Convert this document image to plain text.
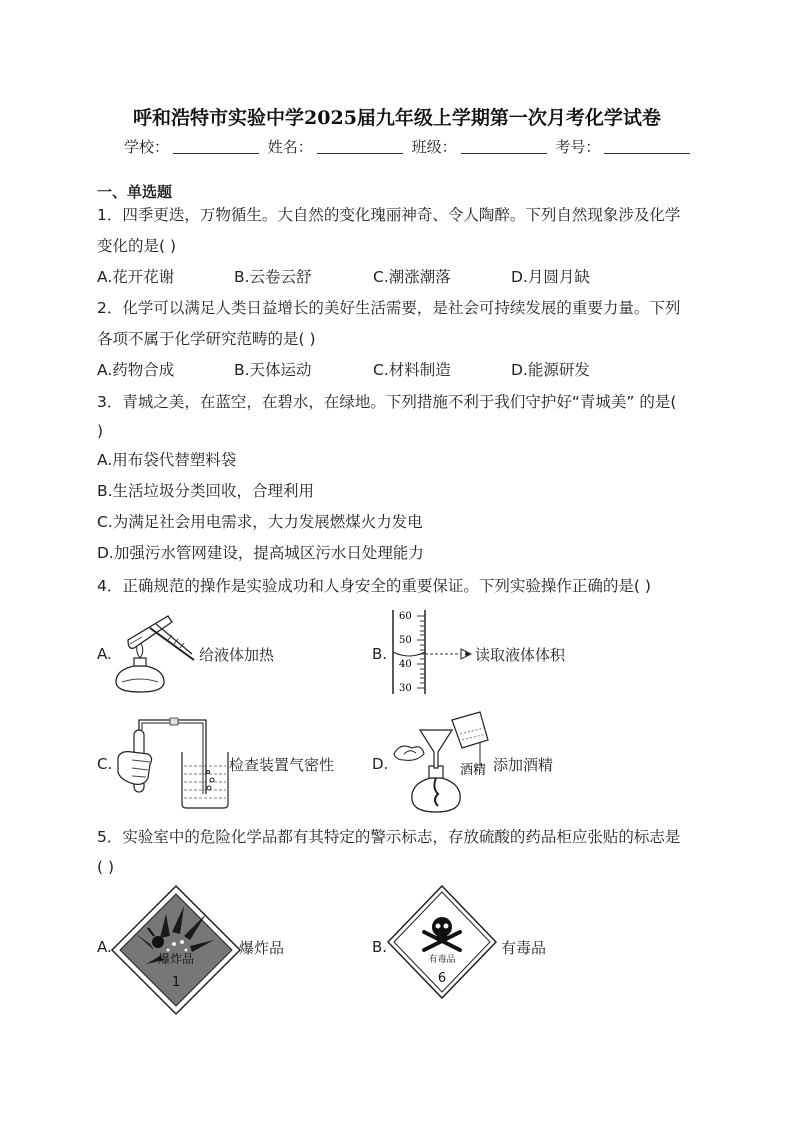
呼和浩特市实验中学2025届九年级上学期第一次月考化学试卷
学校：	姓名：	班级：	考号：
一、单选题
1．四季更迭，万物循生。大自然的变化瑰丽神奇、令人陶醉。下列自然现象涉及化学
变化的是( )
A.花开花谢	B.云卷云舒	C.潮涨潮落	D.月圆月缺
2．化学可以满足人类日益增长的美好生活需要，是社会可持续发展的重要力量。下列
各项不属于化学研究范畴的是( )
A.药物合成	B.天体运动	C.材料制造	D.能源研发
3．青城之美，在蓝空，在碧水，在绿地。下列措施不利于我们守护好“青城美” 的是(
)
A.用布袋代替塑料袋
B.生活垃圾分类回收，合理利用
C.为满足社会用电需求，大力发展燃煤火力发电
D.加强污水管网建设，提高城区污水日处理能力
4．正确规范的操作是实验成功和人身安全的重要保证。下列实验操作正确的是( )
A.	给液体加热	B.
60
50
40
30
读取液体体积
C.	检查装置气密性	D.	酒精 添加酒精
5．实验室中的危险化学品都有其特定的警示标志，存放硫酸的药品柜应张贴的标志是
( )
A.
爆炸品
1
爆炸品	B.
有毒品
6
有毒品
